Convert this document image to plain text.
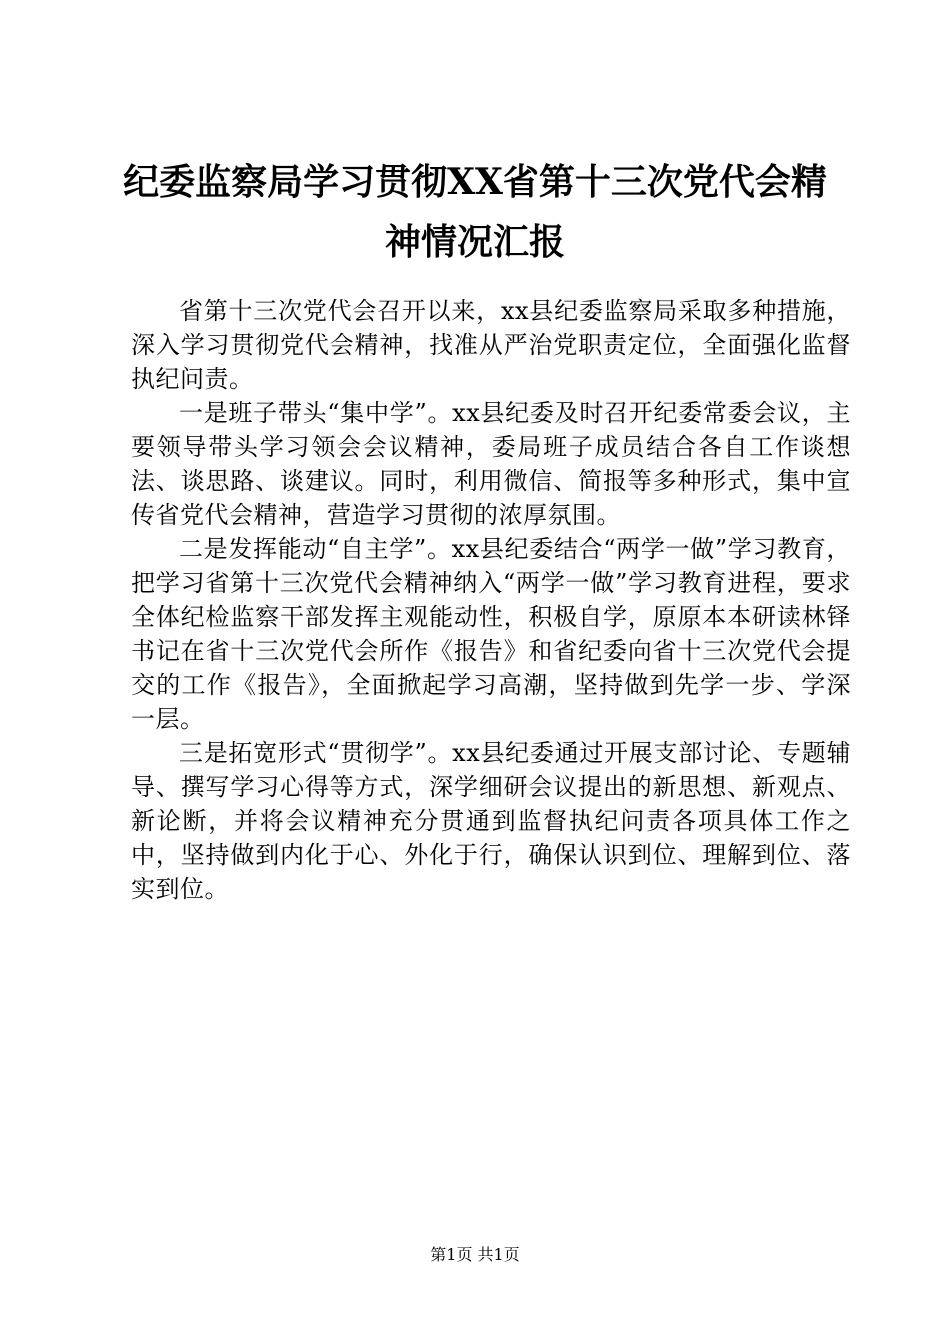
纪委监察局学习贯彻XX省第十三次党代会精
神情况汇报

省第十三次党代会召开以来，xx县纪委监察局采取多种措施，深入学习贯彻党代会精神，找准从严治党职责定位，全面强化监督执纪问责。

一是班子带头“集中学”。xx县纪委及时召开纪委常委会议，主要领导带头学习领会会议精神，委局班子成员结合各自工作谈想法、谈思路、谈建议。同时，利用微信、简报等多种形式，集中宣传省党代会精神，营造学习贯彻的浓厚氛围。

二是发挥能动“自主学”。xx县纪委结合“两学一做”学习教育，把学习省第十三次党代会精神纳入“两学一做”学习教育进程，要求全体纪检监察干部发挥主观能动性，积极自学，原原本本研读林铎书记在省十三次党代会所作《报告》和省纪委向省十三次党代会提交的工作《报告》，全面掀起学习高潮，坚持做到先学一步、学深一层。

三是拓宽形式“贯彻学”。xx县纪委通过开展支部讨论、专题辅导、撰写学习心得等方式，深学细研会议提出的新思想、新观点、新论断，并将会议精神充分贯通到监督执纪问责各项具体工作之中，坚持做到内化于心、外化于行，确保认识到位、理解到位、落实到位。

第1页 共1页
